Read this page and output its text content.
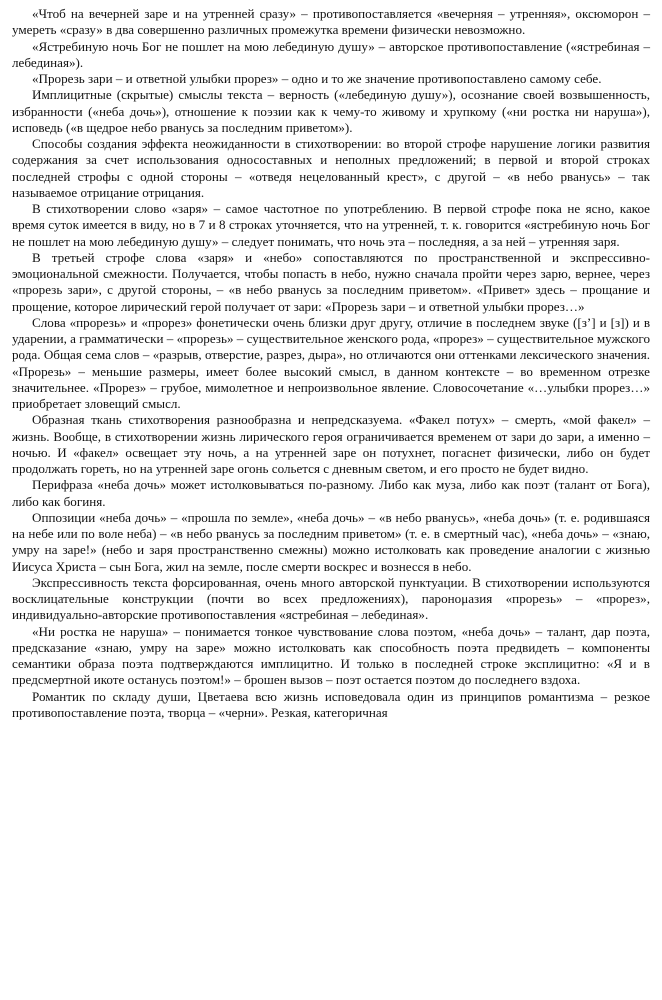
«Чтоб на вечерней заре и на утренней сразу» – противопоставляется «вечерняя – утренняя», оксюморон – умереть «сразу» в два совершенно различных промежутка времени физически невозможно.

«Ястребиную ночь Бог не пошлет на мою лебединую душу» – авторское противопоставление («ястребиная – лебединая»).

«Прорезь зари – и ответной улыбки прорез» – одно и то же значение противопоставлено самому себе.

Имплицитные (скрытые) смыслы текста – верность («лебединую душу»), осознание своей возвышенность, избранности («неба дочь»), отношение к поэзии как к чему-то живому и хрупкому («ни ростка ни наруша»), исповедь («в щедрое небо рванусь за последним приветом»).

Способы создания эффекта неожиданности в стихотворении: во второй строфе нарушение логики развития содержания за счет использования односоставных и неполных предложений; в первой и второй строках последней строфы с одной стороны – «отведя нецелованный крест», с другой – «в небо рванусь» – так называемое отрицание отрицания.

В стихотворении слово «заря» – самое частотное по употреблению. В первой строфе пока не ясно, какое время суток имеется в виду, но в 7 и 8 строках уточняется, что на утренней, т. к. говорится «ястребиную ночь Бог не пошлет на мою лебединую душу» – следует понимать, что ночь эта – последняя, а за ней – утренняя заря.

В третьей строфе слова «заря» и «небо» сопоставляются по пространственной и экспрессивно-эмоциональной смежности. Получается, чтобы попасть в небо, нужно сначала пройти через зарю, вернее, через «прорезь зари», с другой стороны, – «в небо рванусь за последним приветом». «Привет» здесь – прощание и прощение, которое лирический герой получает от зари: «Прорезь зари – и ответной улыбки прорез…»

Слова «прорезь» и «прорез» фонетически очень близки друг другу, отличие в последнем звуке ([з’] и [з]) и в ударении, а грамматически – «прорезь» – существительное женского рода, «прорез» – существительное мужского рода. Общая сема слов – «разрыв, отверстие, разрез, дыра», но отличаются они оттенками лексического значения. «Прорезь» – меньшие размеры, имеет более высокий смысл, в данном контексте – во временном отрезке значительнее. «Прорез» – грубое, мимолетное и непроизвольное явление. Словосочетание «…улыбки прорез…» приобретает зловещий смысл.

Образная ткань стихотворения разнообразна и непредсказуема. «Факел потух» – смерть, «мой факел» – жизнь. Вообще, в стихотворении жизнь лирического героя ограничивается временем от зари до зари, а именно – ночью. И «факел» освещает эту ночь, а на утренней заре он потухнет, погаснет физически, либо он будет продолжать гореть, но на утренней заре огонь сольется с дневным светом, и его просто не будет видно.

Перифраза «неба дочь» может истолковываться по-разному. Либо как муза, либо как поэт (талант от Бога), либо как богиня.

Оппозиции «неба дочь» – «прошла по земле», «неба дочь» – «в небо рванусь», «неба дочь» (т. е. родившаяся на небе или по воле неба) – «в небо рванусь за последним приветом» (т. е. в смертный час), «неба дочь» – «знаю, умру на заре!» (небо и заря пространственно смежны) можно истолковать как проведение аналогии с жизнью Иисуса Христа – сын Бога, жил на земле, после смерти воскрес и вознесся в небо.

Экспрессивность текста форсированная, очень много авторской пунктуации. В стихотворении используются восклицательные конструкции (почти во всех предложениях), паронομазия «прорезь» – «прорез», индивидуально-авторские противопоставления «ястребиная – лебединая».

«Ни ростка не наруша» – понимается тонкое чувствование слова поэтом, «неба дочь» – талант, дар поэта, предсказание «знаю, умру на заре» можно истолковать как способность поэта предвидеть – компоненты семантики образа поэта подтверждаются имплицитно. И только в последней строке эксплицитно: «Я и в предсмертной икоте останусь поэтом!» – брошен вызов – поэт остается поэтом до последнего вздоха.

Романтик по складу души, Цветаева всю жизнь исповедовала один из принципов романтизма – резкое противопоставление поэта, творца – «черни». Резкая, категоричная
